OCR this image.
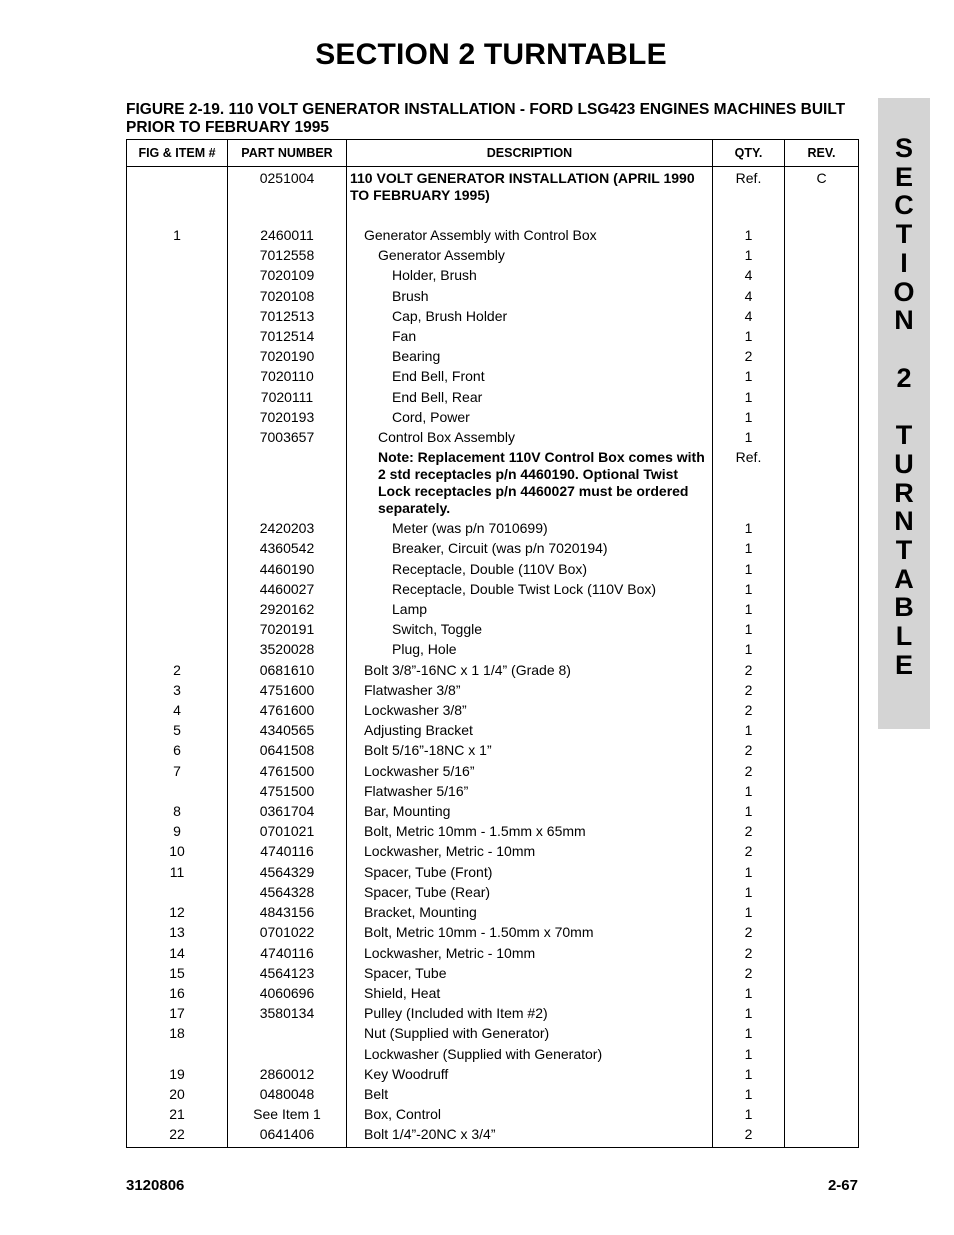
SECTION 2 TURNTABLE
FIGURE 2-19. 110 VOLT GENERATOR INSTALLATION - FORD LSG423 ENGINES MACHINES BUILT PRIOR TO FEBRUARY 1995
S
E
C
T
I
O
N
2
T
U
R
N
T
A
B
L
E
FIG & ITEM #	PART NUMBER	DESCRIPTION	QTY.	REV.
	0251004	110 VOLT GENERATOR INSTALLATION (APRIL 1990 TO FEBRUARY 1995)	Ref.	C
1	2460011	Generator Assembly with Control Box	1	
	7012558	Generator Assembly	1	
	7020109	Holder, Brush	4	
	7020108	Brush	4	
	7012513	Cap, Brush Holder	4	
	7012514	Fan	1	
	7020190	Bearing	2	
	7020110	End Bell, Front	1	
	7020111	End Bell, Rear	1	
	7020193	Cord, Power	1	
	7003657	Control Box Assembly	1	

		Note: Replacement 110V Control Box comes with 2 std receptacles p/n 4460190. Optional Twist Lock receptacles p/n 4460027 must be ordered separately.	Ref.	
	2420203	Meter (was p/n 7010699)	1	
	4360542	Breaker, Circuit (was p/n 7020194)	1	
	4460190	Receptacle, Double (110V Box)	1	
	4460027	Receptacle, Double Twist Lock (110V Box)	1	
	2920162	Lamp	1	
	7020191	Switch, Toggle	1	
	3520028	Plug, Hole	1	
2	0681610	Bolt 3/8”-16NC x 1 1/4” (Grade 8)	2	
3	4751600	Flatwasher 3/8”	2	
4	4761600	Lockwasher 3/8”	2	
5	4340565	Adjusting Bracket	1	
6	0641508	Bolt 5/16”-18NC x 1”	2	
7	4761500	Lockwasher 5/16”	2	
	4751500	Flatwasher 5/16”	1	
8	0361704	Bar, Mounting	1	
9	0701021	Bolt, Metric 10mm - 1.5mm x 65mm	2	
10	4740116	Lockwasher, Metric - 10mm	2	
11	4564329	Spacer, Tube (Front)	1	
	4564328	Spacer, Tube (Rear)	1	
12	4843156	Bracket, Mounting	1	
13	0701022	Bolt, Metric 10mm - 1.50mm x 70mm	2	
14	4740116	Lockwasher, Metric - 10mm	2	
15	4564123	Spacer, Tube	2	
16	4060696	Shield, Heat	1	
17	3580134	Pulley (Included with Item #2)	1	
18		Nut (Supplied with Generator)	1	

		Lockwasher (Supplied with Generator)	1	
19	2860012	Key Woodruff	1	
20	0480048	Belt	1	
21	See Item 1	Box, Control	1	
22	0641406	Bolt 1/4”-20NC x 3/4”	2	
3120806	2-67
